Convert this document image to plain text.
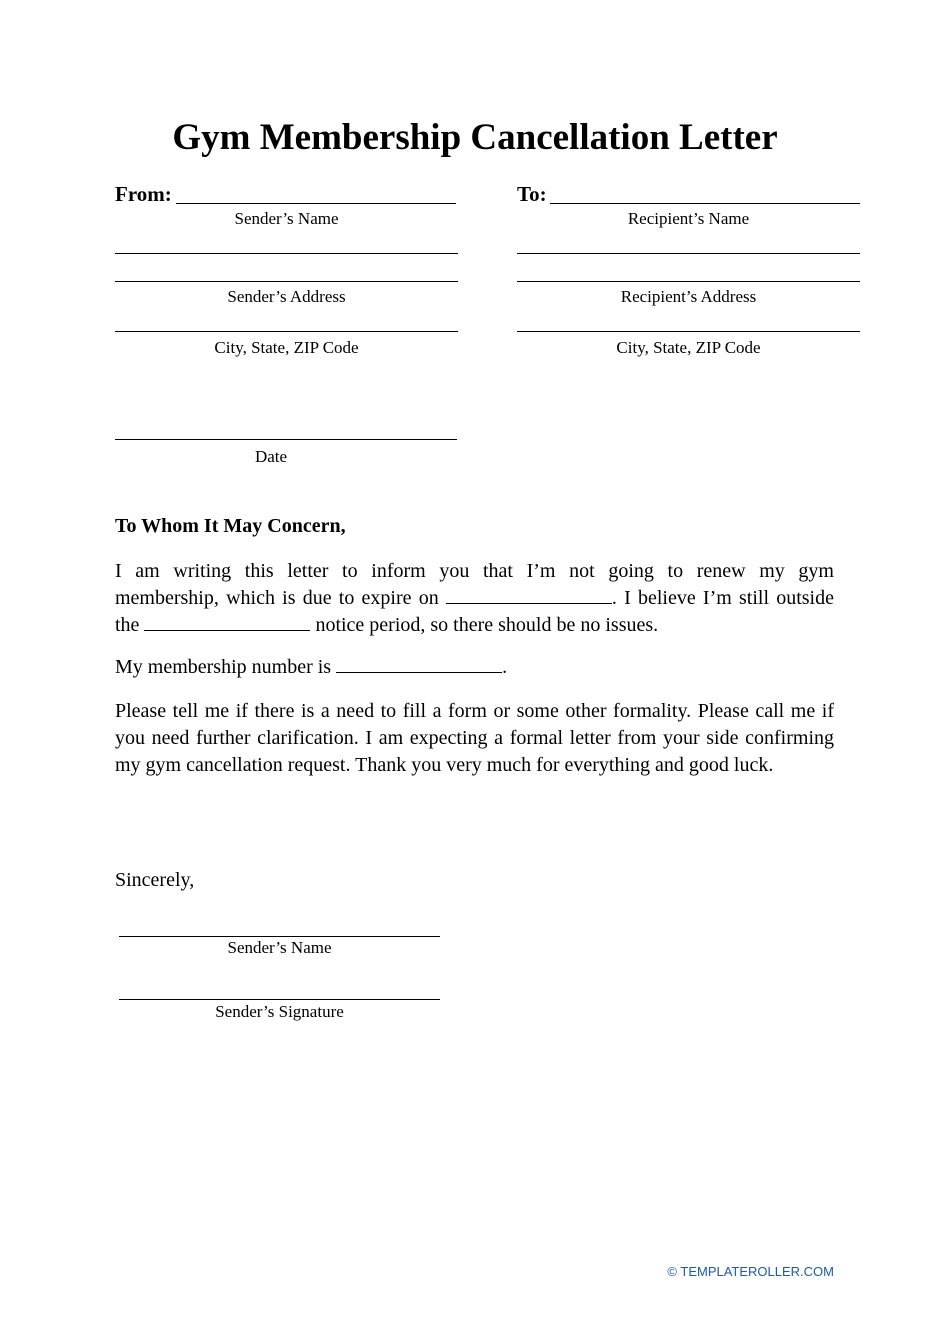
Gym Membership Cancellation Letter
From:
Sender’s Name
Sender’s Address
City, State, ZIP Code
Date
To:
Recipient’s Name
Recipient’s Address
City, State, ZIP Code
To Whom It May Concern,
I am writing this letter to inform you that I’m not going to renew my gym
membership, which is due to expire on	. I believe I’m still outside
the	notice period, so there should be no issues.
My membership number is	.
Please tell me if there is a need to fill a form or some other formality. Please call me if you need further clarification. I am expecting a formal letter from your side confirming my gym cancellation request. Thank you very much for everything and good luck.
Sincerely,
Sender’s Name
Sender’s Signature
© TEMPLATEROLLER.COM
